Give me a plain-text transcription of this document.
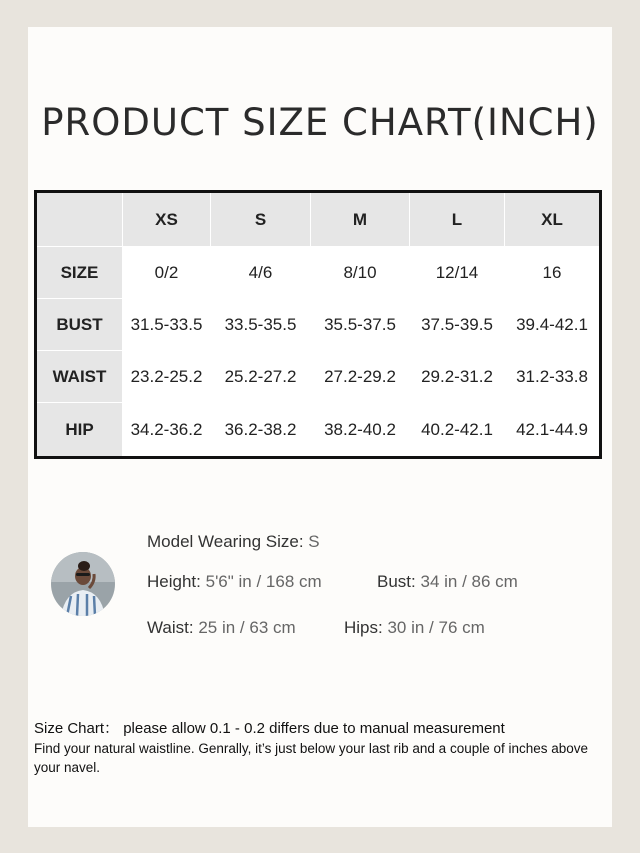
PRODUCT SIZE CHART(INCH)
	XS	S	M	L	XL
SIZE	0/2	4/6	8/10	12/14	16
BUST	31.5-33.5	33.5-35.5	35.5-37.5	37.5-39.5	39.4-42.1
WAIST	23.2-25.2	25.2-27.2	27.2-29.2	29.2-31.2	31.2-33.8
HIP	34.2-36.2	36.2-38.2	38.2-40.2	40.2-42.1	42.1-44.9
Model Wearing Size: S
Height: 5'6" in / 168 cm	Bust: 34 in / 86 cm
Waist: 25 in / 63 cm	Hips: 30 in / 76 cm
Size Chart： please allow 0.1 - 0.2 differs due to manual measurement
Find your natural waistline. Genrally, it’s just below your last rib and a couple of inches above your navel.
